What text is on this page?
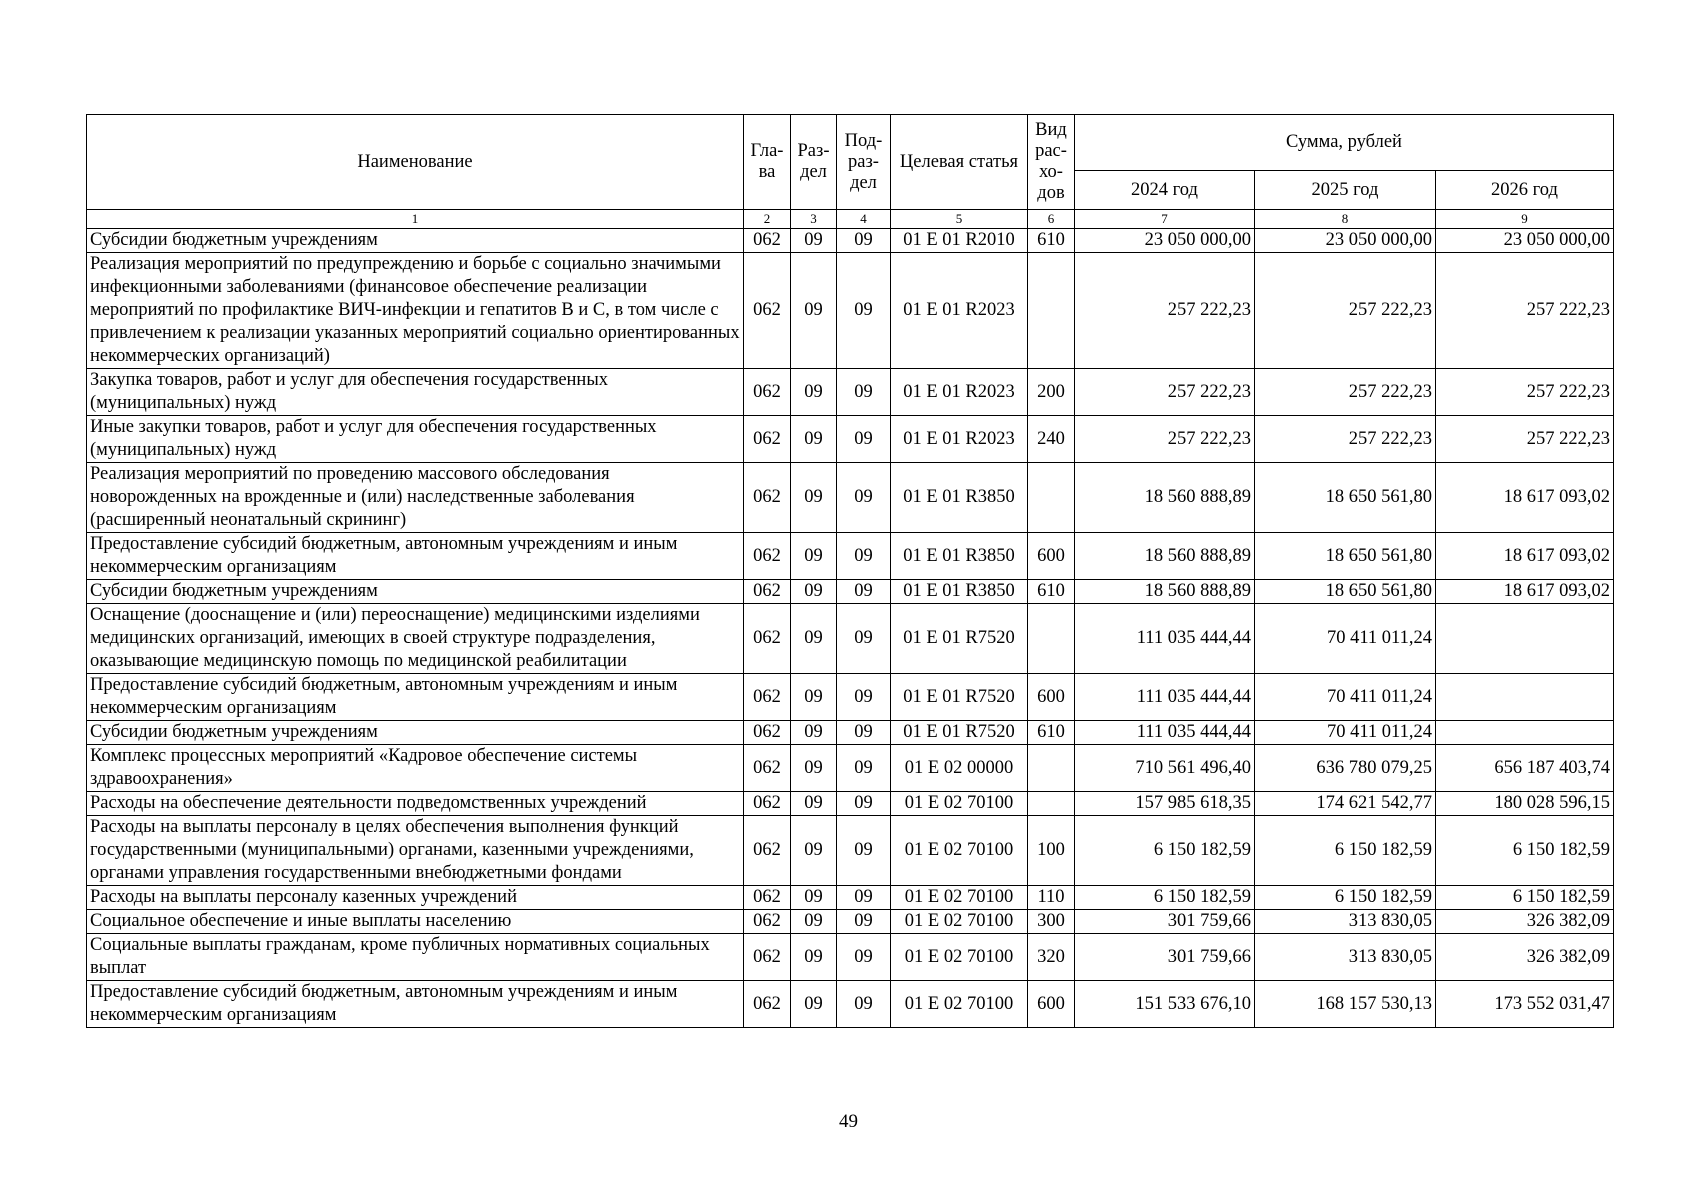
Наименование	Гла-ва	Раз-дел	Под-раз-дел	Целевая статья	Вид рас-хо-дов	Сумма, рублей		
						2024 год	2025 год	2026 год
1	2	3	4	5	6	7	8	9
Субсидии бюджетным учреждениям	062	09	09	01 Е 01 R2010	610	23 050 000,00	23 050 000,00	23 050 000,00
Реализация мероприятий по предупреждению и борьбе с социально значимыми инфекционными заболеваниями (финансовое обеспечение реализации мероприятий по профилактике ВИЧ-инфекции и гепатитов В и С, в том числе с привлечением к реализации указанных мероприятий социально ориентированных некоммерческих организаций)	062	09	09	01 Е 01 R2023		257 222,23	257 222,23	257 222,23
Закупка товаров, работ и услуг для обеспечения государственных (муниципальных) нужд	062	09	09	01 Е 01 R2023	200	257 222,23	257 222,23	257 222,23
Иные закупки товаров, работ и услуг для обеспечения государственных (муниципальных) нужд	062	09	09	01 Е 01 R2023	240	257 222,23	257 222,23	257 222,23
Реализация мероприятий по проведению массового обследования новорожденных на врожденные и (или) наследственные заболевания (расширенный неонатальный скрининг)	062	09	09	01 Е 01 R3850		18 560 888,89	18 650 561,80	18 617 093,02
Предоставление субсидий бюджетным, автономным учреждениям и иным некоммерческим организациям	062	09	09	01 Е 01 R3850	600	18 560 888,89	18 650 561,80	18 617 093,02
Субсидии бюджетным учреждениям	062	09	09	01 Е 01 R3850	610	18 560 888,89	18 650 561,80	18 617 093,02
Оснащение (дооснащение и (или) переоснащение) медицинскими изделиями медицинских организаций, имеющих в своей структуре подразделения, оказывающие медицинскую помощь по медицинской реабилитации	062	09	09	01 Е 01 R7520		111 035 444,44	70 411 011,24	
Предоставление субсидий бюджетным, автономным учреждениям и иным некоммерческим организациям	062	09	09	01 Е 01 R7520	600	111 035 444,44	70 411 011,24	
Субсидии бюджетным учреждениям	062	09	09	01 Е 01 R7520	610	111 035 444,44	70 411 011,24	
Комплекс процессных мероприятий «Кадровое обеспечение системы здравоохранения»	062	09	09	01 Е 02 00000		710 561 496,40	636 780 079,25	656 187 403,74
Расходы на обеспечение деятельности подведомственных учреждений	062	09	09	01 Е 02 70100		157 985 618,35	174 621 542,77	180 028 596,15
Расходы на выплаты персоналу в целях обеспечения выполнения функций государственными (муниципальными) органами, казенными учреждениями, органами управления государственными внебюджетными фондами	062	09	09	01 Е 02 70100	100	6 150 182,59	6 150 182,59	6 150 182,59
Расходы на выплаты персоналу казенных учреждений	062	09	09	01 Е 02 70100	110	6 150 182,59	6 150 182,59	6 150 182,59
Социальное обеспечение и иные выплаты населению	062	09	09	01 Е 02 70100	300	301 759,66	313 830,05	326 382,09
Социальные выплаты гражданам, кроме публичных нормативных социальных выплат	062	09	09	01 Е 02 70100	320	301 759,66	313 830,05	326 382,09
Предоставление субсидий бюджетным, автономным учреждениям и иным некоммерческим организациям	062	09	09	01 Е 02 70100	600	151 533 676,10	168 157 530,13	173 552 031,47
49
